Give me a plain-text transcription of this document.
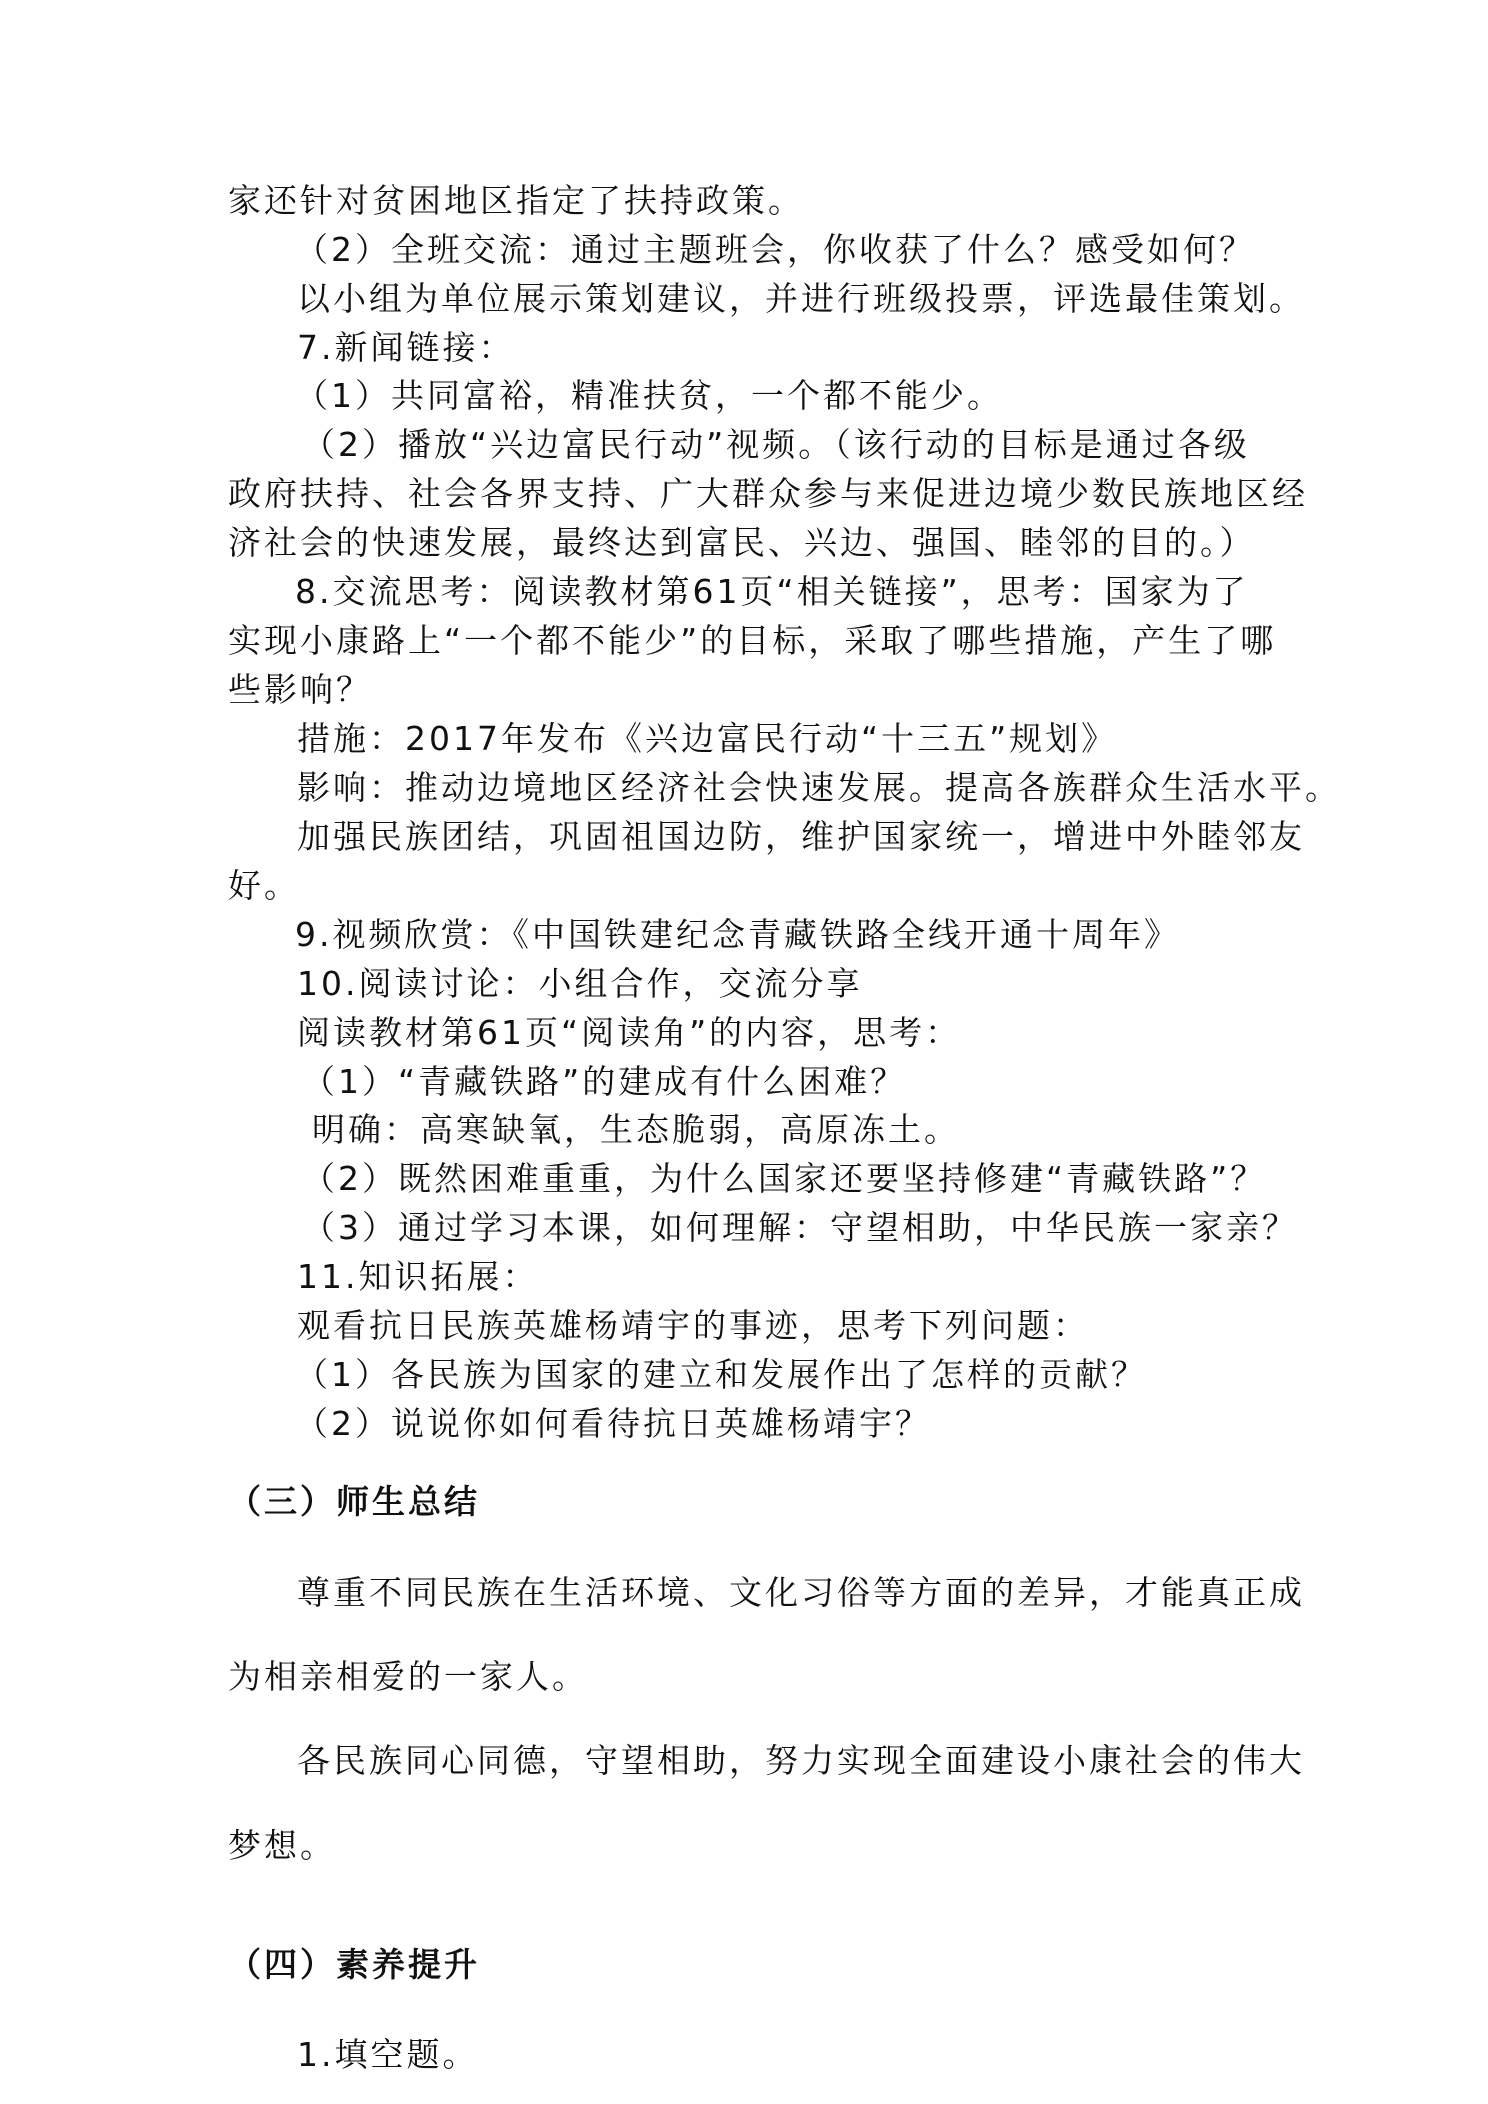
家还针对贫困地区指定了扶持政策。
（2）全班交流：通过主题班会，你收获了什么？感受如何？
以小组为单位展示策划建议，并进行班级投票，评选最佳策划。
7.新闻链接：
（1）共同富裕，精准扶贫，一个都不能少。
（2）播放“兴边富民行动”视频。（该行动的目标是通过各级
政府扶持、社会各界支持、广大群众参与来促进边境少数民族地区经
济社会的快速发展，最终达到富民、兴边、强国、睦邻的目的。）
8.交流思考：阅读教材第61页“相关链接”，思考：国家为了
实现小康路上“一个都不能少”的目标，采取了哪些措施，产生了哪
些影响？
措施：2017年发布《兴边富民行动“十三五”规划》
影响：推动边境地区经济社会快速发展。提高各族群众生活水平。
加强民族团结，巩固祖国边防，维护国家统一，增进中外睦邻友
好。
9.视频欣赏：《中国铁建纪念青藏铁路全线开通十周年》
10.阅读讨论：小组合作，交流分享
阅读教材第61页“阅读角”的内容，思考：
（1）“青藏铁路”的建成有什么困难？
明确：高寒缺氧，生态脆弱，高原冻土。
（2）既然困难重重，为什么国家还要坚持修建“青藏铁路”？
（3）通过学习本课，如何理解：守望相助，中华民族一家亲？
11.知识拓展：
观看抗日民族英雄杨靖宇的事迹，思考下列问题：
（1）各民族为国家的建立和发展作出了怎样的贡献？
（2）说说你如何看待抗日英雄杨靖宇？
（三）师生总结
尊重不同民族在生活环境、文化习俗等方面的差异，才能真正成
为相亲相爱的一家人。
各民族同心同德，守望相助，努力实现全面建设小康社会的伟大
梦想。
（四）素养提升
1.填空题。
